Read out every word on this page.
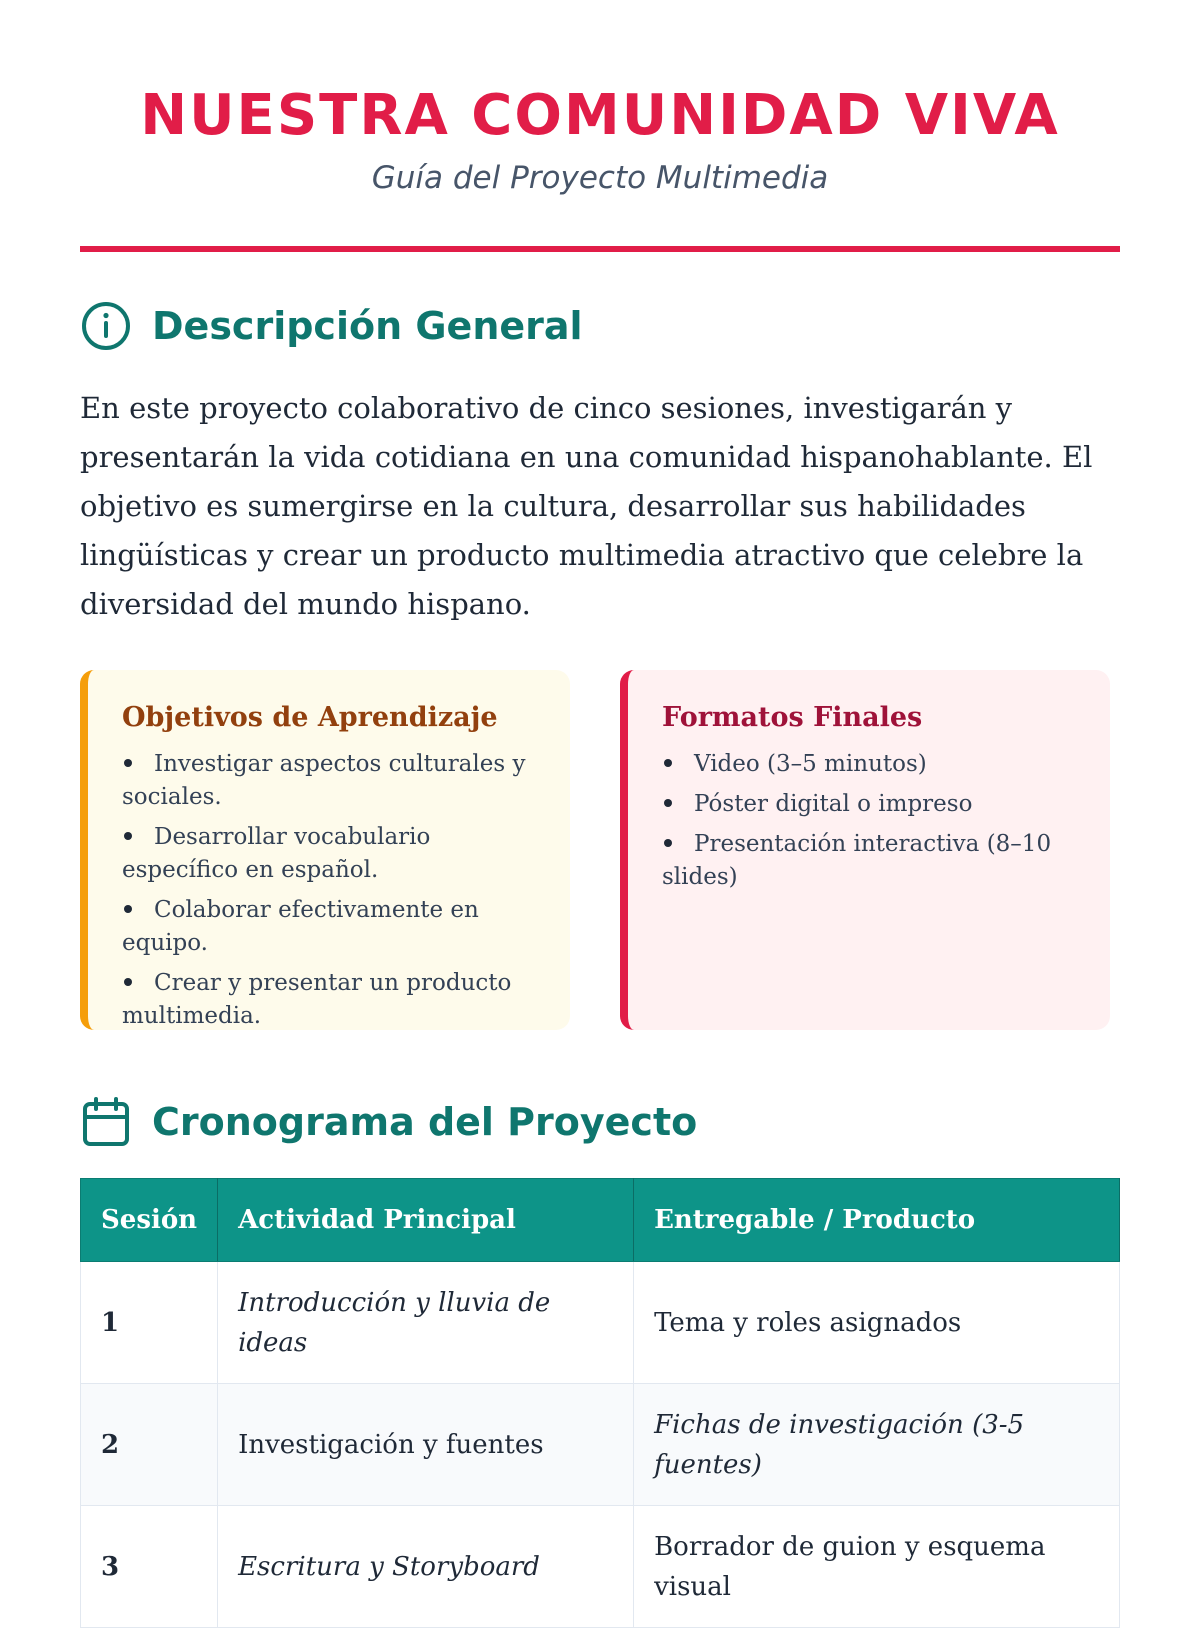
NUESTRA COMUNIDAD VIVA
Guía del Proyecto Multimedia
Descripción General

En este proyecto colaborativo de cinco sesiones, investigarán y presentarán la vida cotidiana en una comunidad hispanohablante. El objetivo es sumergirse en la cultura, desarrollar sus habilidades lingüísticas y crear un producto multimedia atractivo que celebre la diversidad del mundo hispano.

Objetivos de Aprendizaje
Investigar aspectos culturales y sociales.
Desarrollar vocabulario específico en español.
Colaborar efectivamente en equipo.
Crear y presentar un producto multimedia.
Formatos Finales
Video (3–5 minutos)
Póster digital o impreso
Presentación interactiva (8–10 slides)
Cronograma del Proyecto
Sesión	Actividad Principal	Entregable / Producto
1	Introducción y lluvia de ideas	Tema y roles asignados
2	Investigación y fuentes	Fichas de investigación (3-5 fuentes)
3	Escritura y Storyboard	Borrador de guion y esquema visual
